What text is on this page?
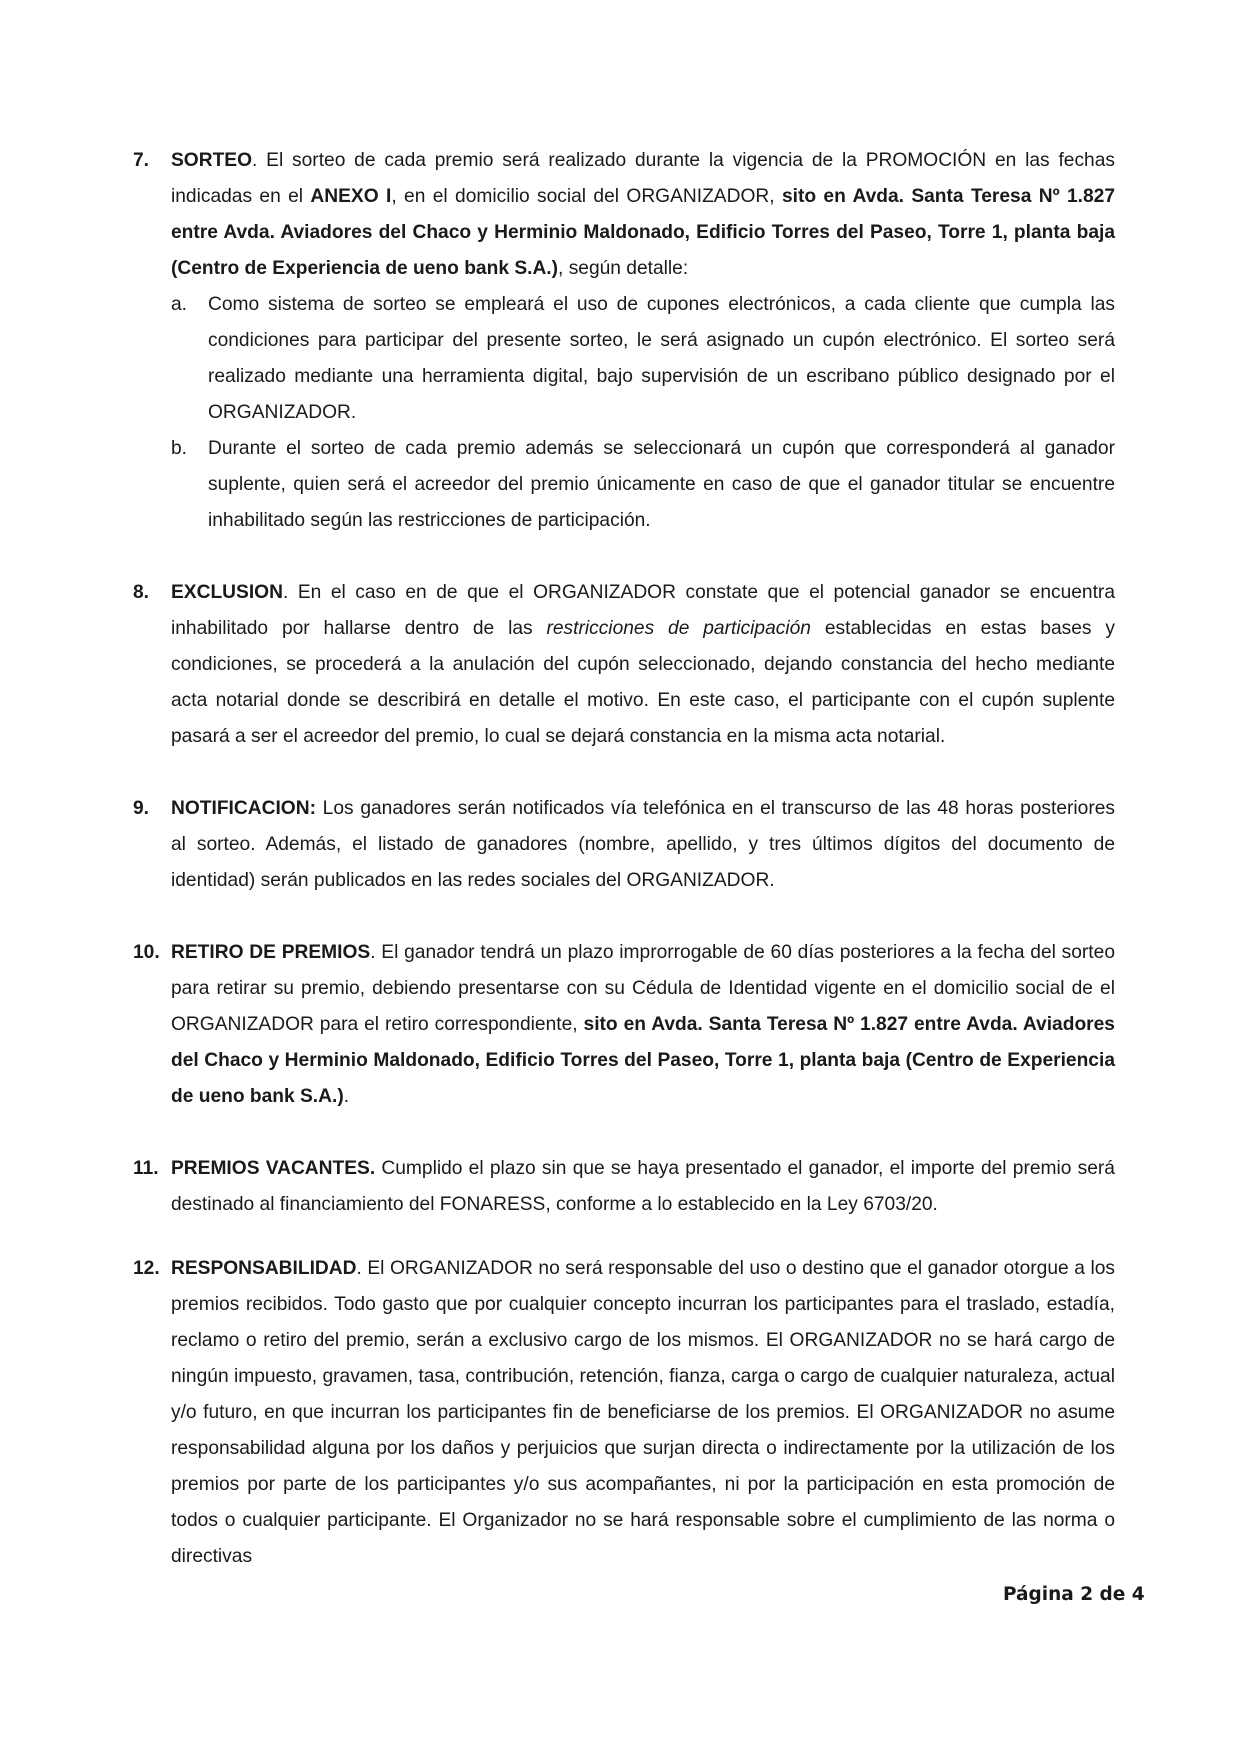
7. SORTEO. El sorteo de cada premio será realizado durante la vigencia de la PROMOCIÓN en las fechas indicadas en el ANEXO I, en el domicilio social del ORGANIZADOR, sito en Avda. Santa Teresa Nº 1.827 entre Avda. Aviadores del Chaco y Herminio Maldonado, Edificio Torres del Paseo, Torre 1, planta baja (Centro de Experiencia de ueno bank S.A.), según detalle:

a. Como sistema de sorteo se empleará el uso de cupones electrónicos, a cada cliente que cumpla las condiciones para participar del presente sorteo, le será asignado un cupón electrónico. El sorteo será realizado mediante una herramienta digital, bajo supervisión de un escribano público designado por el ORGANIZADOR.

b. Durante el sorteo de cada premio además se seleccionará un cupón que corresponderá al ganador suplente, quien será el acreedor del premio únicamente en caso de que el ganador titular se encuentre inhabilitado según las restricciones de participación.

8. EXCLUSION. En el caso en de que el ORGANIZADOR constate que el potencial ganador se encuentra inhabilitado por hallarse dentro de las restricciones de participación establecidas en estas bases y condiciones, se procederá a la anulación del cupón seleccionado, dejando constancia del hecho mediante acta notarial donde se describirá en detalle el motivo. En este caso, el participante con el cupón suplente pasará a ser el acreedor del premio, lo cual se dejará constancia en la misma acta notarial.

9. NOTIFICACION: Los ganadores serán notificados vía telefónica en el transcurso de las 48 horas posteriores al sorteo. Además, el listado de ganadores (nombre, apellido, y tres últimos dígitos del documento de identidad) serán publicados en las redes sociales del ORGANIZADOR.

10. RETIRO DE PREMIOS. El ganador tendrá un plazo improrrogable de 60 días posteriores a la fecha del sorteo para retirar su premio, debiendo presentarse con su Cédula de Identidad vigente en el domicilio social de el ORGANIZADOR para el retiro correspondiente, sito en Avda. Santa Teresa Nº 1.827 entre Avda. Aviadores del Chaco y Herminio Maldonado, Edificio Torres del Paseo, Torre 1, planta baja (Centro de Experiencia de ueno bank S.A.).

11. PREMIOS VACANTES. Cumplido el plazo sin que se haya presentado el ganador, el importe del premio será destinado al financiamiento del FONARESS, conforme a lo establecido en la Ley 6703/20.

12. RESPONSABILIDAD. El ORGANIZADOR no será responsable del uso o destino que el ganador otorgue a los premios recibidos. Todo gasto que por cualquier concepto incurran los participantes para el traslado, estadía, reclamo o retiro del premio, serán a exclusivo cargo de los mismos. El ORGANIZADOR no se hará cargo de ningún impuesto, gravamen, tasa, contribución, retención, fianza, carga o cargo de cualquier naturaleza, actual y/o futuro, en que incurran los participantes fin de beneficiarse de los premios. El ORGANIZADOR no asume responsabilidad alguna por los daños y perjuicios que surjan directa o indirectamente por la utilización de los premios por parte de los participantes y/o sus acompañantes, ni por la participación en esta promoción de todos o cualquier participante. El Organizador no se hará responsable sobre el cumplimiento de las norma o directivas

Página 2 de 4
